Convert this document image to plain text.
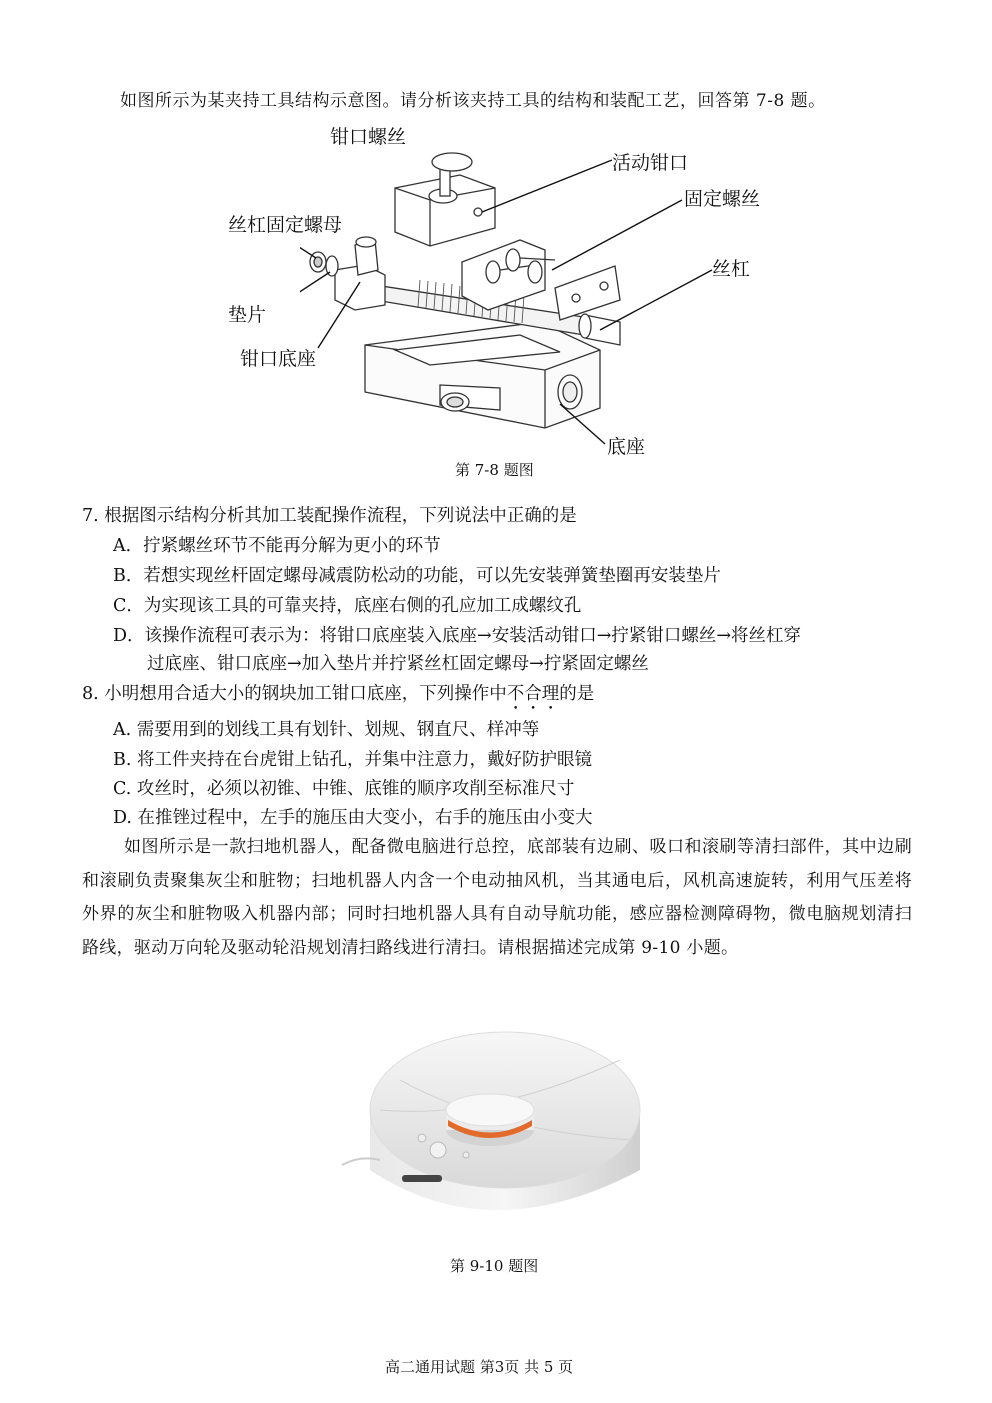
如图所示为某夹持工具结构示意图。请分析该夹持工具的结构和装配工艺，回答第 7-8 题。
钳口螺丝
活动钳口
固定螺丝
丝杠固定螺母
丝杠
垫片
钳口底座
底座
第 7-8 题图
7. 根据图示结构分析其加工装配操作流程，下列说法中正确的是
A．拧紧螺丝环节不能再分解为更小的环节
B．若想实现丝杆固定螺母减震防松动的功能，可以先安装弹簧垫圈再安装垫片
C．为实现该工具的可靠夹持，底座右侧的孔应加工成螺纹孔
D．该操作流程可表示为：将钳口底座装入底座→安装活动钳口→拧紧钳口螺丝→将丝杠穿
过底座、钳口底座→加入垫片并拧紧丝杠固定螺母→拧紧固定螺丝
8. 小明想用合适大小的钢块加工钳口底座，下列操作中不合理的是
A. 需要用到的划线工具有划针、划规、钢直尺、样冲等
B. 将工件夹持在台虎钳上钻孔，并集中注意力，戴好防护眼镜
C. 攻丝时，必须以初锥、中锥、底锥的顺序攻削至标准尺寸
D. 在推锉过程中，左手的施压由大变小，右手的施压由小变大
如图所示是一款扫地机器人，配备微电脑进行总控，底部装有边刷、吸口和滚刷等清扫部件，其中边刷和滚刷负责聚集灰尘和脏物；扫地机器人内含一个电动抽风机，当其通电后，风机高速旋转，利用气压差将外界的灰尘和脏物吸入机器内部；同时扫地机器人具有自动导航功能，感应器检测障碍物，微电脑规划清扫路线，驱动万向轮及驱动轮沿规划清扫路线进行清扫。请根据描述完成第 9-10 小题。
第 9-10 题图
高二通用试题 第3页 共 5 页
